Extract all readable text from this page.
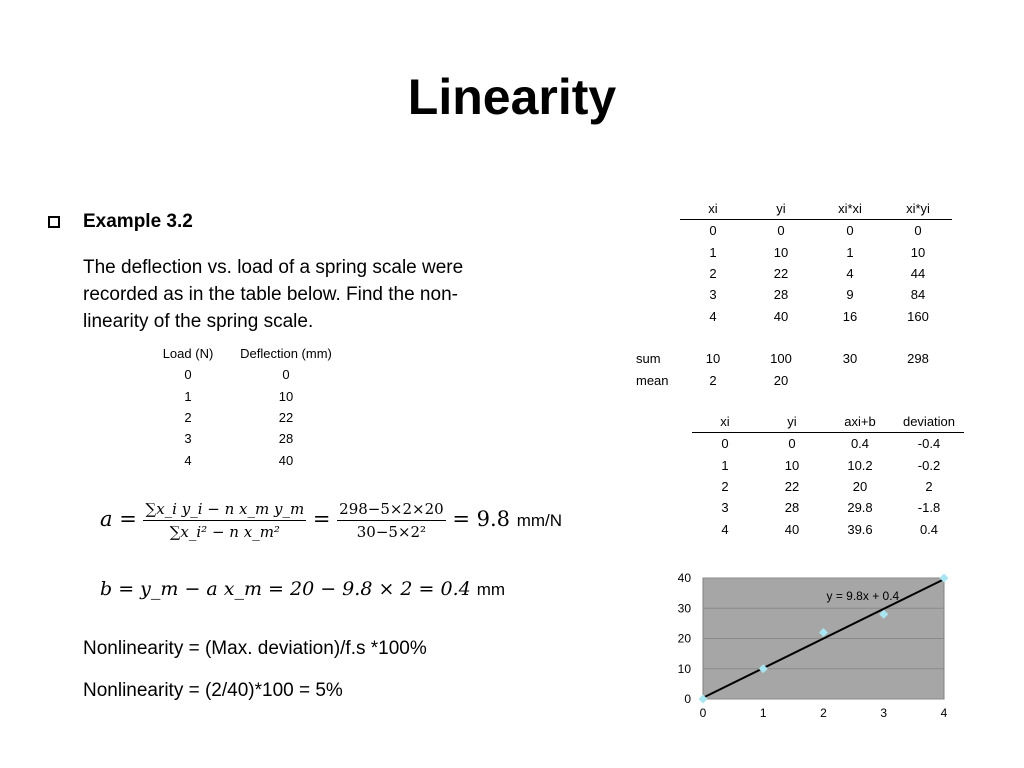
Linearity
Example 3.2
The deflection vs. load of a spring scale were recorded as in the table below. Find the non-linearity of the spring scale.
Load (N)	Deflection (mm)
0	0
1	10
2	22
3	28
4	40
$a = \frac{\text{∑x\_i y\_i − n x\_m y\_m}}{\text{∑x\_i² − n x\_m²}} = \frac{298-5\times 2\times 20}{\text{30−5×2²}} = 9.8$ mm/N
b = y_m − a x_m = 20 − 9.8 × 2 = 0.4 mm
Nonlinearity = (Max. deviation)/f.s *100%
Nonlinearity = (2/40)*100 = 5%
	xi	yi	xi*xi	xi*yi
	0	0	0	0
	1	10	1	10
	2	22	4	44
	3	28	9	84
	4	40	16	160

sum	10	100	30	298
mean	2	20		
xi	yi	axi+b	deviation
0	0	0.4	-0.4
1	10	10.2	-0.2
2	22	20	2
3	28	29.8	-1.8
4	40	39.6	0.4
0
10
20
30
40
0	1	2	3	4
y = 9.8x + 0.4
